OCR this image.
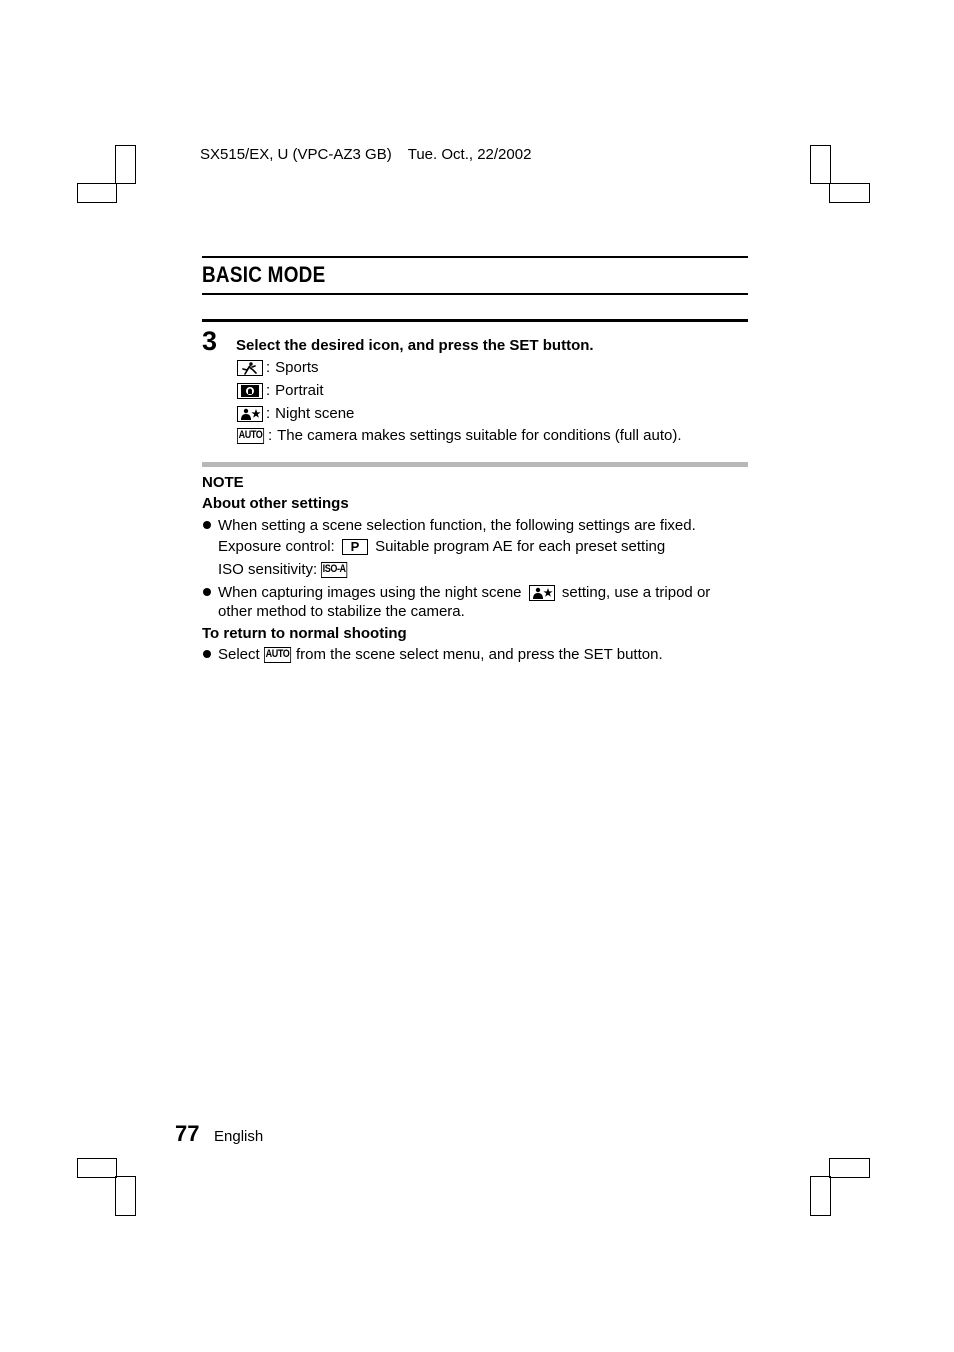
SX515/EX, U (VPC-AZ3 GB) Tue. Oct., 22/2002
BASIC MODE
3 Select the desired icon, and press the SET button.
: Sports
: Portrait
: Night scene
AUTO : The camera makes settings suitable for conditions (full auto).
NOTE
About other settings
When setting a scene selection function, the following settings are fixed.
Exposure control: P Suitable program AE for each preset setting
ISO sensitivity: ISO-A
When capturing images using the night scene	setting, use a tripod or
other method to stabilize the camera.
To return to normal shooting
Select AUTO from the scene select menu, and press the SET button.
77 English
